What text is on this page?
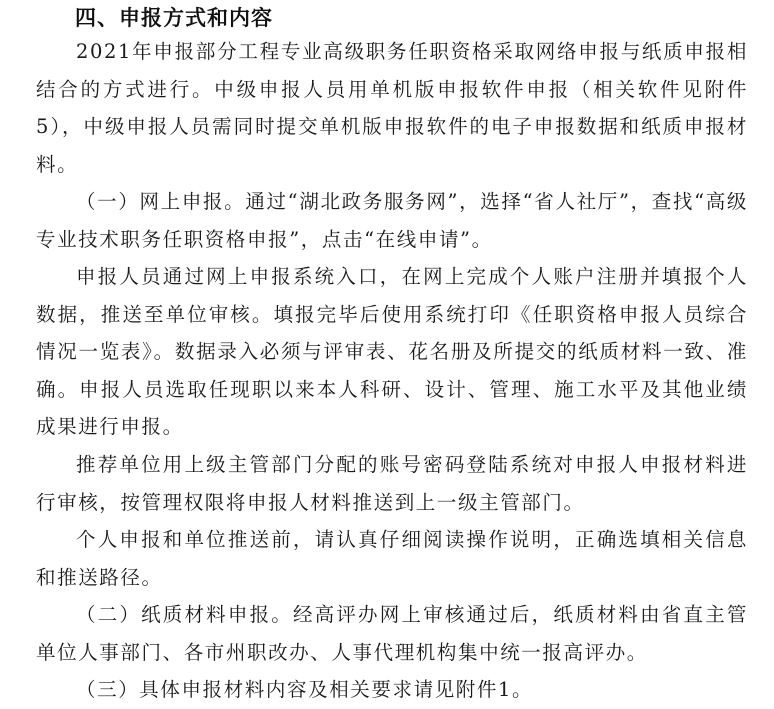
四、申报方式和内容
2021年申报部分工程专业高级职务任职资格采取网络申报与纸质申报相结合的方式进行。中级申报人员用单机版申报软件申报（相关软件见附件5），中级申报人员需同时提交单机版申报软件的电子申报数据和纸质申报材料。
（一）网上申报。通过“湖北政务服务网”，选择“省人社厅”，查找“高级专业技术职务任职资格申报”，点击“在线申请”。
申报人员通过网上申报系统入口，在网上完成个人账户注册并填报个人数据，推送至单位审核。填报完毕后使用系统打印《任职资格申报人员综合情况一览表》。数据录入必须与评审表、花名册及所提交的纸质材料一致、准确。申报人员选取任现职以来本人科研、设计、管理、施工水平及其他业绩成果进行申报。
推荐单位用上级主管部门分配的账号密码登陆系统对申报人申报材料进行审核，按管理权限将申报人材料推送到上一级主管部门。
个人申报和单位推送前，请认真仔细阅读操作说明，正确选填相关信息和推送路径。
（二）纸质材料申报。经高评办网上审核通过后，纸质材料由省直主管单位人事部门、各市州职改办、人事代理机构集中统一报高评办。
（三）具体申报材料内容及相关要求请见附件1。
